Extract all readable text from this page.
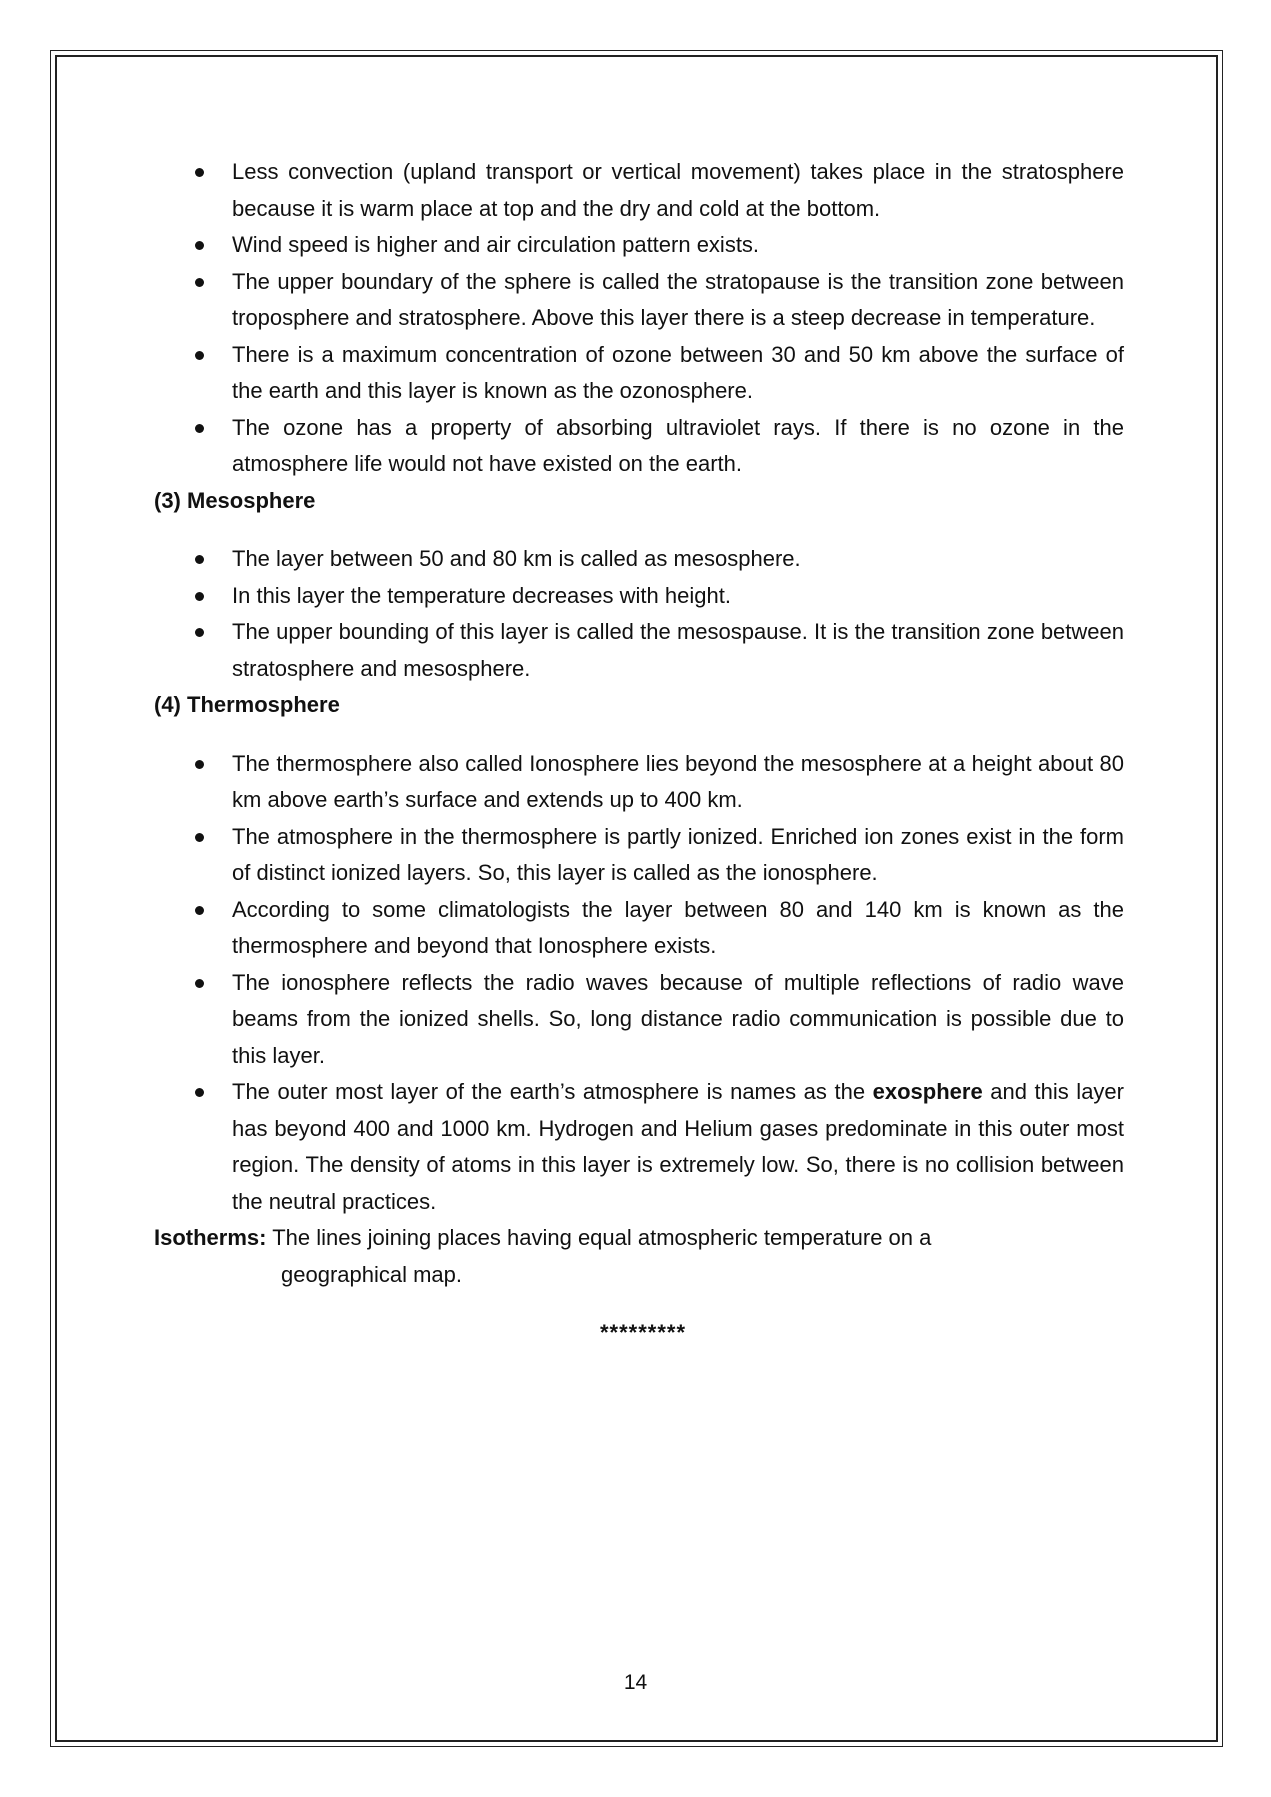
Less convection (upland transport or vertical movement) takes place in the stratosphere because it is warm place at top and the dry and cold at the bottom.
Wind speed is higher and air circulation pattern exists.
The upper boundary of the sphere is called the stratopause is the transition zone between troposphere and stratosphere. Above this layer there is a steep decrease in temperature.
There is a maximum concentration of ozone between 30 and 50 km above the surface of the earth and this layer is known as the ozonosphere.
The ozone has a property of absorbing ultraviolet rays. If there is no ozone in the atmosphere life would not have existed on the earth.

(3) Mesosphere

The layer between 50 and 80 km is called as mesosphere.
In this layer the temperature decreases with height.
The upper bounding of this layer is called the mesospause. It is the transition zone between stratosphere and mesosphere.

(4) Thermosphere

The thermosphere also called Ionosphere lies beyond the mesosphere at a height about 80 km above earth’s surface and extends up to 400 km.
The atmosphere in the thermosphere is partly ionized. Enriched ion zones exist in the form of distinct ionized layers. So, this layer is called as the ionosphere.
According to some climatologists the layer between 80 and 140 km is known as the thermosphere and beyond that Ionosphere exists.
The ionosphere reflects the radio waves because of multiple reflections of radio wave beams from the ionized shells. So, long distance radio communication is possible due to this layer.
The outer most layer of the earth’s atmosphere is names as the exosphere and this layer has beyond 400 and 1000 km. Hydrogen and Helium gases predominate in this outer most region. The density of atoms in this layer is extremely low. So, there is no collision between the neutral practices.

Isotherms: The lines joining places having equal atmospheric temperature on a
geographical map.

*********
14
